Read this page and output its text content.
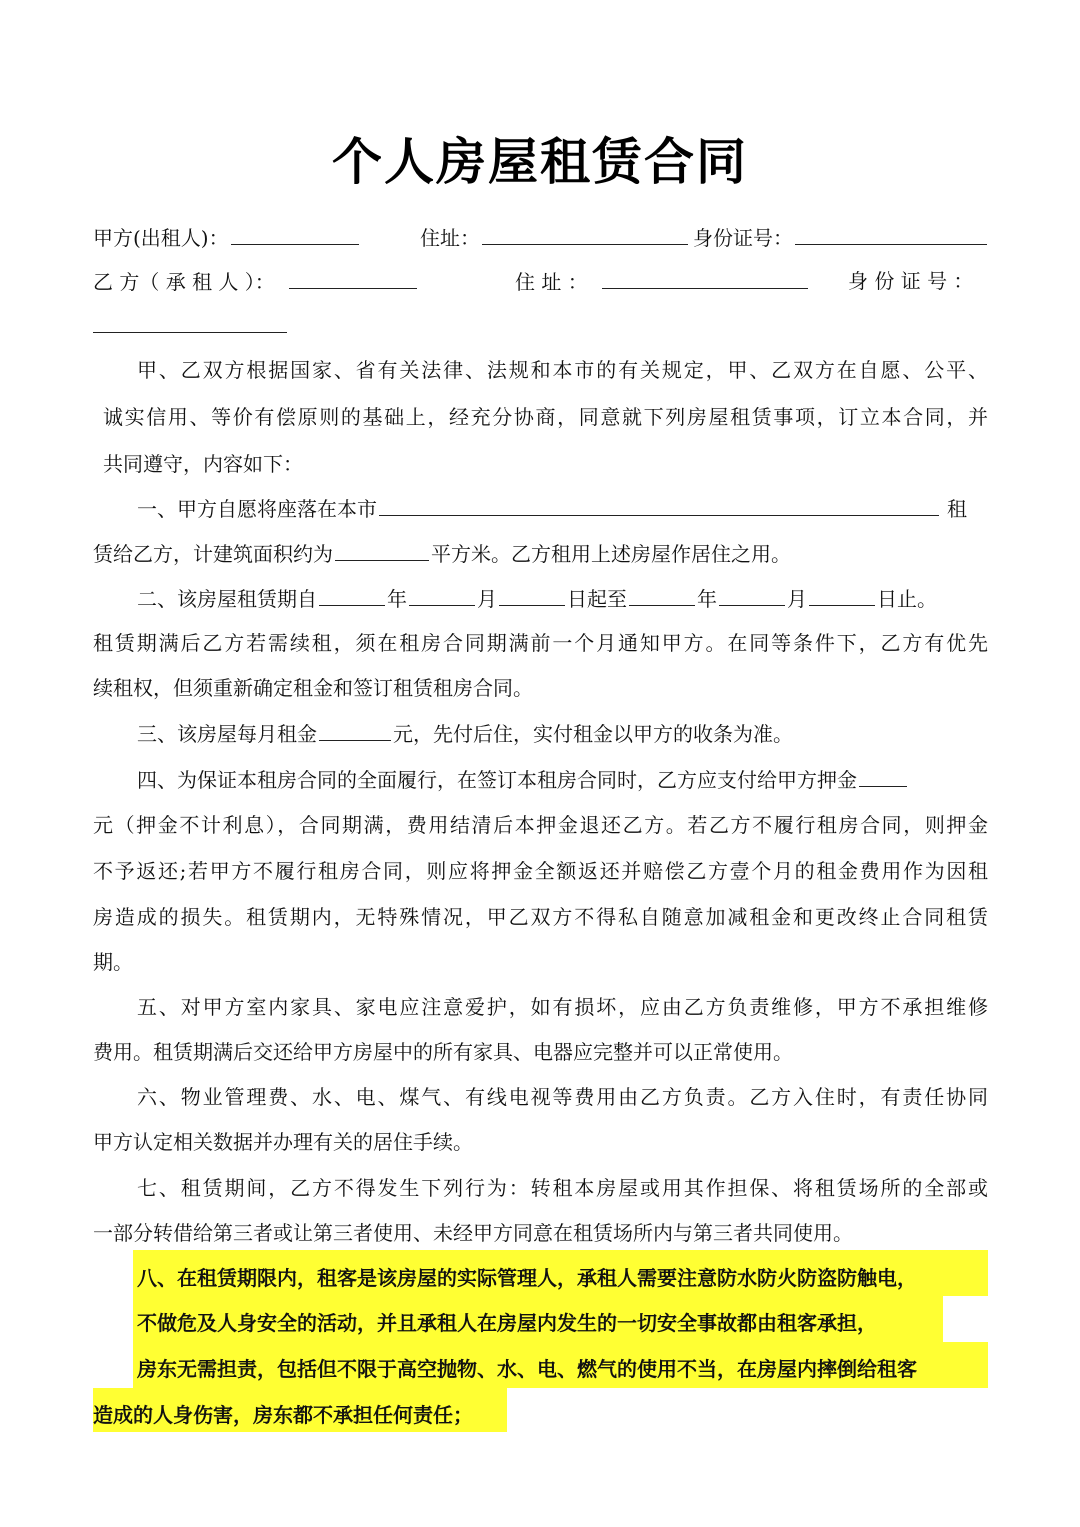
个人房屋租赁合同
甲方(出租人)：	住址：	身份证号：
乙 方（ 承 租 人 ）：	住 址 ：	身 份 证 号 ：
甲、乙双方根据国家、省有关法律、法规和本市的有关规定，甲、乙双方在自愿、公平、
诚实信用、等价有偿原则的基础上，经充分协商，同意就下列房屋租赁事项，订立本合同，并
共同遵守，内容如下：
一、甲方自愿将座落在本市	租
赁给乙方，计建筑面积约为	平方米。乙方租用上述房屋作居住之用。
二、该房屋租赁期自	年	月	日起至	年	月	日止。
租赁期满后乙方若需续租，须在租房合同期满前一个月通知甲方。在同等条件下，乙方有优先
续租权，但须重新确定租金和签订租赁租房合同。
三、该房屋每月租金	元，先付后住，实付租金以甲方的收条为准。
四、为保证本租房合同的全面履行，在签订本租房合同时，乙方应支付给甲方押金
元（押金不计利息），合同期满，费用结清后本押金退还乙方。若乙方不履行租房合同，则押金
不予返还;若甲方不履行租房合同，则应将押金全额返还并赔偿乙方壹个月的租金费用作为因租
房造成的损失。租赁期内，无特殊情况，甲乙双方不得私自随意加减租金和更改终止合同租赁
期。
五、对甲方室内家具、家电应注意爱护，如有损坏，应由乙方负责维修，甲方不承担维修
费用。租赁期满后交还给甲方房屋中的所有家具、电器应完整并可以正常使用。
六、物业管理费、水、电、煤气、有线电视等费用由乙方负责。乙方入住时，有责任协同
甲方认定相关数据并办理有关的居住手续。
七、租赁期间，乙方不得发生下列行为：转租本房屋或用其作担保、将租赁场所的全部或
一部分转借给第三者或让第三者使用、未经甲方同意在租赁场所内与第三者共同使用。
八、在租赁期限内，租客是该房屋的实际管理人，承租人需要注意防水防火防盗防触电，
不做危及人身安全的活动，并且承租人在房屋内发生的一切安全事故都由租客承担，
房东无需担责，包括但不限于高空抛物、水、电、燃气的使用不当，在房屋内摔倒给租客
造成的人身伤害，房东都不承担任何责任；
